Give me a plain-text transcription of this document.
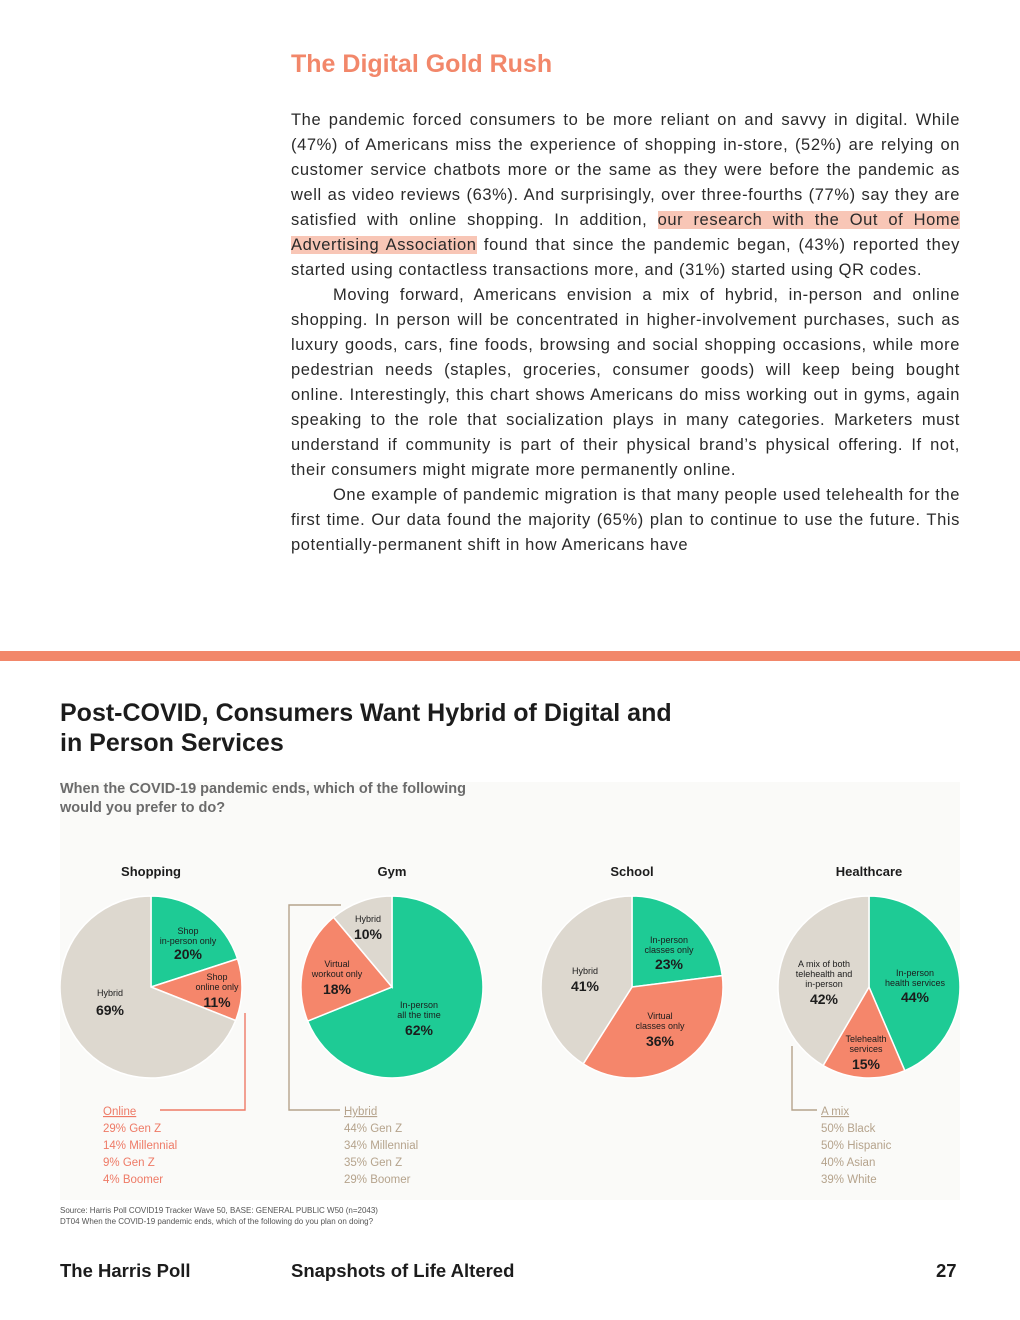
The Digital Gold Rush

The pandemic forced consumers to be more reliant on and savvy in digital. While (47%) of Americans miss the experience of shopping in-store, (52%) are relying on customer service chatbots more or the same as they were before the pandemic as well as video reviews (63%). And surprisingly, over three-fourths (77%) say they are satisfied with online shopping. In addition, our research with the Out of Home Advertising Association found that since the pandemic began, (43%) reported they started using contactless transactions more, and (31%) started using QR codes.

Moving forward, Americans envision a mix of hybrid, in-person and online shopping. In person will be concentrated in higher-involvement purchases, such as luxury goods, cars, fine foods, browsing and social shopping occasions, while more pedestrian needs (staples, groceries, consumer goods) will keep being bought online. Interestingly, this chart shows Americans do miss working out in gyms, again speaking to the role that socialization plays in many categories. Marketers must understand if community is part of their physical brand’s physical offering. If not, their consumers might migrate more permanently online.

One example of pandemic migration is that many people used telehealth for the first time. Our data found the majority (65%) plan to continue to use the future. This potentially-permanent shift in how Americans have

Post-COVID, Consumers Want Hybrid of Digital and in Person Services
When the COVID-19 pandemic ends, which of the following would you prefer to do?
Shopping
Shop
in-person only
20%
Shop
online only
11%
Hybrid
69%
Online
29% Gen Z
14% Millennial
9% Gen Z
4% Boomer
Gym
In-person
all the time
62%
Virtual
workout only
18%
Hybrid
10%
Hybrid
44% Gen Z
34% Millennial
35% Gen Z
29% Boomer
School
In-person
classes only
23%
Virtual
classes only
36%
Hybrid
41%
Healthcare
In-person
health services
44%
Telehealth
services
15%
A mix of both
telehealth and
in-person
42%
A mix
50% Black
50% Hispanic
40% Asian
39% White
Source: Harris Poll COVID19 Tracker Wave 50, BASE: GENERAL PUBLIC W50 (n=2043)
DT04 When the COVID-19 pandemic ends, which of the following do you plan on doing?
The Harris Poll	Snapshots of Life Altered	27
